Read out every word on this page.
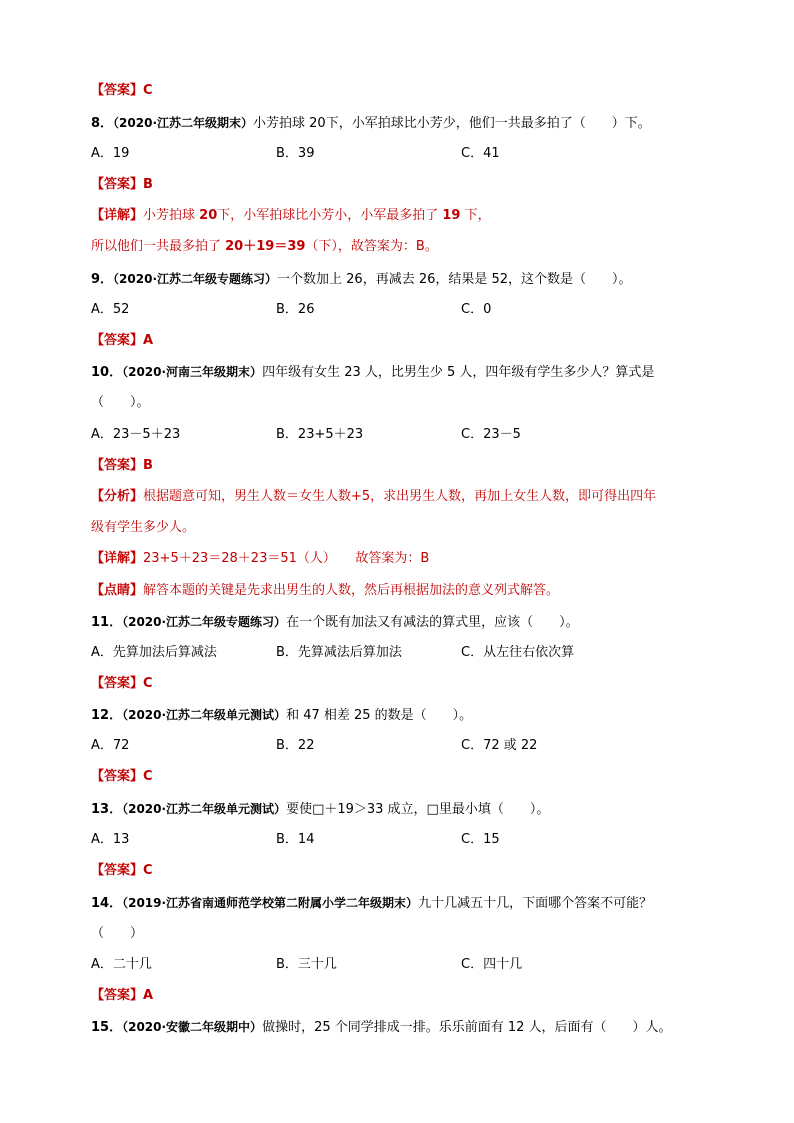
【答案】C
8．（2020·江苏二年级期末）小芳拍球 20下，小军拍球比小芳少，他们一共最多拍了（　　）下。
A．19	B．39	C．41
【答案】B
【详解】小芳拍球 20下，小军拍球比小芳小，小军最多拍了 19 下，
所以他们一共最多拍了 20＋19＝39（下），故答案为：B。
9．（2020·江苏二年级专题练习）一个数加上 26，再减去 26，结果是 52，这个数是（　　）。
A．52	B．26	C．0
【答案】A
10．（2020·河南三年级期末）四年级有女生 23 人，比男生少 5 人，四年级有学生多少人？算式是
（　　）。
A．23－5＋23	B．23+5＋23	C．23－5
【答案】B
【分析】根据题意可知，男生人数＝女生人数+5，求出男生人数，再加上女生人数，即可得出四年
级有学生多少人。
【详解】23+5＋23＝28＋23＝51（人）　　故答案为：B
【点睛】解答本题的关键是先求出男生的人数，然后再根据加法的意义列式解答。
11．（2020·江苏二年级专题练习）在一个既有加法又有减法的算式里，应该（　　）。
A．先算加法后算减法	B．先算减法后算加法	C．从左往右依次算
【答案】C
12．（2020·江苏二年级单元测试）和 47 相差 25 的数是（　　）。
A．72	B．22	C．72 或 22
【答案】C
13．（2020·江苏二年级单元测试）要使□＋19＞33 成立，□里最小填（　　）。
A．13	B．14	C．15
【答案】C
14．（2019·江苏省南通师范学校第二附属小学二年级期末）九十几减五十几，下面哪个答案不可能？
（　　）
A．二十几	B．三十几	C．四十几
【答案】A
15．（2020·安徽二年级期中）做操时，25 个同学排成一排。乐乐前面有 12 人，后面有（　　）人。
